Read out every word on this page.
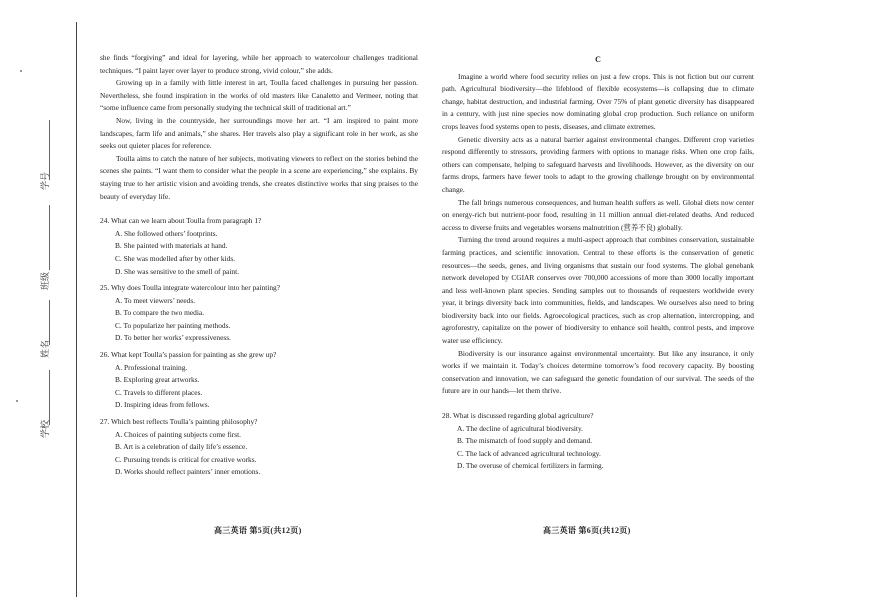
学号
班级
姓名
学校

she finds “forgiving” and ideal for layering, while her approach to watercolour challenges traditional techniques. “I paint layer over layer to produce strong, vivid colour,” she adds.

Growing up in a family with little interest in art, Toulla faced challenges in pursuing her passion. Nevertheless, she found inspiration in the works of old masters like Canaletto and Vermeer, noting that “some influence came from personally studying the technical skill of traditional art.”

Now, living in the countryside, her surroundings move her art. “I am inspired to paint more landscapes, farm life and animals,” she shares. Her travels also play a significant role in her work, as she seeks out quieter places for reference.

Toulla aims to catch the nature of her subjects, motivating viewers to reflect on the stories behind the scenes she paints. “I want them to consider what the people in a scene are experiencing,” she explains. By staying true to her artistic vision and avoiding trends, she creates distinctive works that sing praises to the beauty of everyday life.

24. What can we learn about Toulla from paragraph 1?

A. She followed others’ footprints.

B. She painted with materials at hand.

C. She was modelled after by other kids.

D. She was sensitive to the smell of paint.

25. Why does Toulla integrate watercolour into her painting?

A. To meet viewers’ needs.

B. To compare the two media.

C. To popularize her painting methods.

D. To better her works’ expressiveness.

26. What kept Toulla’s passion for painting as she grew up?

A. Professional training.

B. Exploring great artworks.

C. Travels to different places.

D. Inspiring ideas from fellows.

27. Which best reflects Toulla’s painting philosophy?

A. Choices of painting subjects come first.

B. Art is a celebration of daily life’s essence.

C. Pursuing trends is critical for creative works.

D. Works should reflect painters’ inner emotions.

高三英语 第5页(共12页)
C

Imagine a world where food security relies on just a few crops. This is not fiction but our current path. Agricultural biodiversity—the lifeblood of flexible ecosystems—is collapsing due to climate change, habitat destruction, and industrial farming. Over 75% of plant genetic diversity has disappeared in a century, with just nine species now dominating global crop production. Such reliance on uniform crops leaves food systems open to pests, diseases, and climate extremes.

Genetic diversity acts as a natural barrier against environmental changes. Different crop varieties respond differently to stressors, providing farmers with options to manage risks. When one crop fails, others can compensate, helping to safeguard harvests and livelihoods. However, as the diversity on our farms drops, farmers have fewer tools to adapt to the growing challenge brought on by environmental change.

The fall brings numerous consequences, and human health suffers as well. Global diets now center on energy-rich but nutrient-poor food, resulting in 11 million annual diet-related deaths. And reduced access to diverse fruits and vegetables worsens malnutrition (营养不良) globally.

Turning the trend around requires a multi-aspect approach that combines conservation, sustainable farming practices, and scientific innovation. Central to these efforts is the conservation of genetic resources—the seeds, genes, and living organisms that sustain our food systems. The global genebank network developed by CGIAR conserves over 700,000 accessions of more than 3000 locally important and less well-known plant species. Sending samples out to thousands of requesters worldwide every year, it brings diversity back into communities, fields, and landscapes. We ourselves also need to bring biodiversity back into our fields. Agroecological practices, such as crop alternation, intercropping, and agroforestry, capitalize on the power of biodiversity to enhance soil health, control pests, and improve water use efficiency.

Biodiversity is our insurance against environmental uncertainty. But like any insurance, it only works if we maintain it. Today’s choices determine tomorrow’s food recovery capacity. By boosting conservation and innovation, we can safeguard the genetic foundation of our survival. The seeds of the future are in our hands—let them thrive.

28. What is discussed regarding global agriculture?

A. The decline of agricultural biodiversity.

B. The mismatch of food supply and demand.

C. The lack of advanced agricultural technology.

D. The overuse of chemical fertilizers in farming.

高三英语 第6页(共12页)
